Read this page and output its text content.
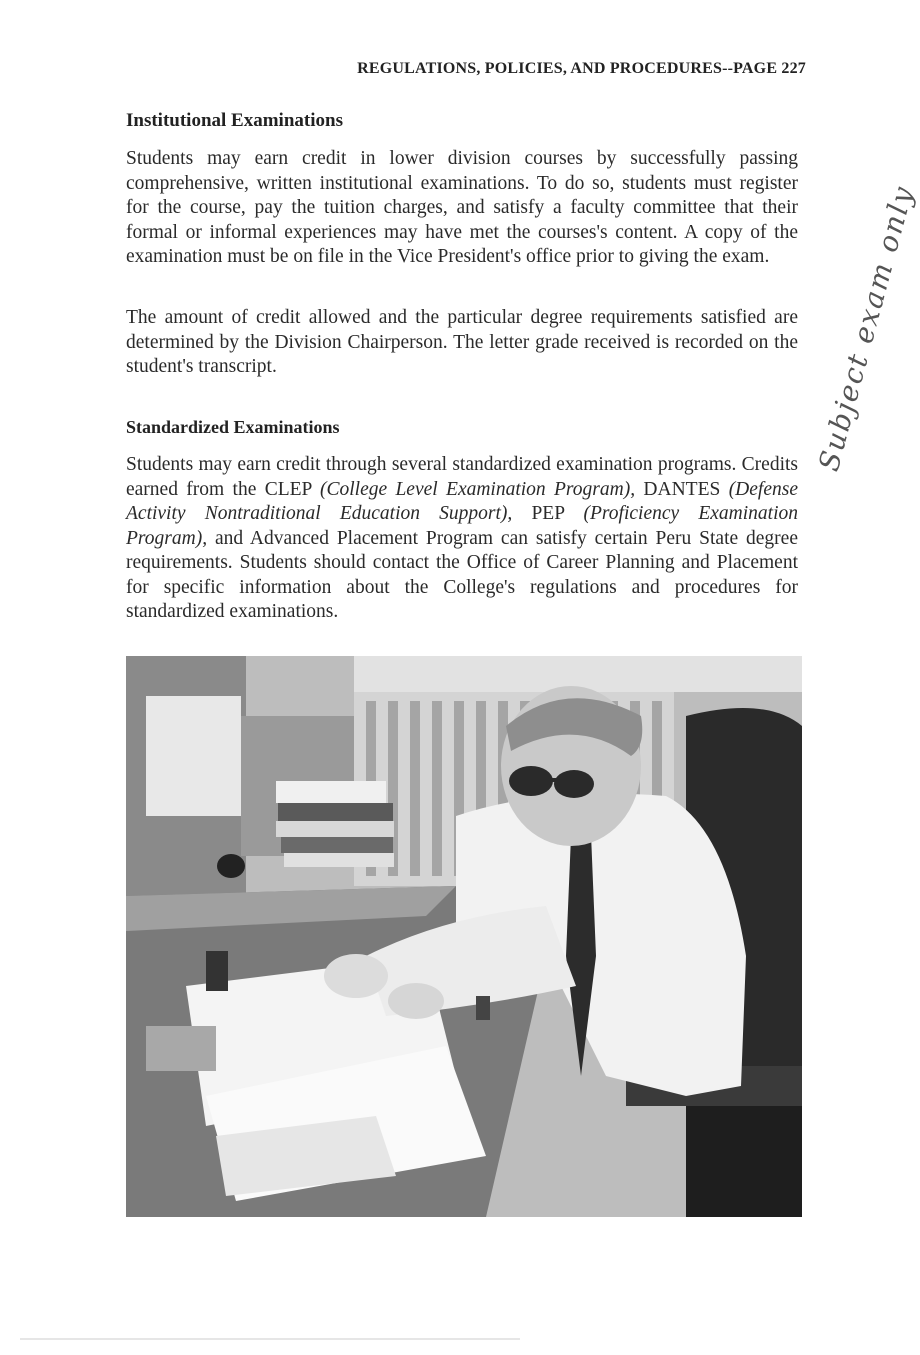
REGULATIONS, POLICIES, AND PROCEDURES--PAGE 227
Institutional Examinations

Students may earn credit in lower division courses by successfully passing comprehensive, written institutional examinations. To do so, students must register for the course, pay the tuition charges, and satisfy a faculty committee that their formal or informal experiences may have met the courses's content. A copy of the examination must be on file in the Vice President's office prior to giving the exam.

The amount of credit allowed and the particular degree requirements satisfied are determined by the Division Chairperson. The letter grade received is recorded on the student's transcript.

Standardized Examinations

Students may earn credit through several standardized examination programs. Credits earned from the CLEP (College Level Examination Program), DANTES (Defense Activity Nontraditional Education Support), PEP (Proficiency Examination Program), and Advanced Placement Program can satisfy certain Peru State degree requirements. Students should contact the Office of Career Planning and Placement for specific information about the College's regulations and procedures for standardized examinations.

Subject exam only
